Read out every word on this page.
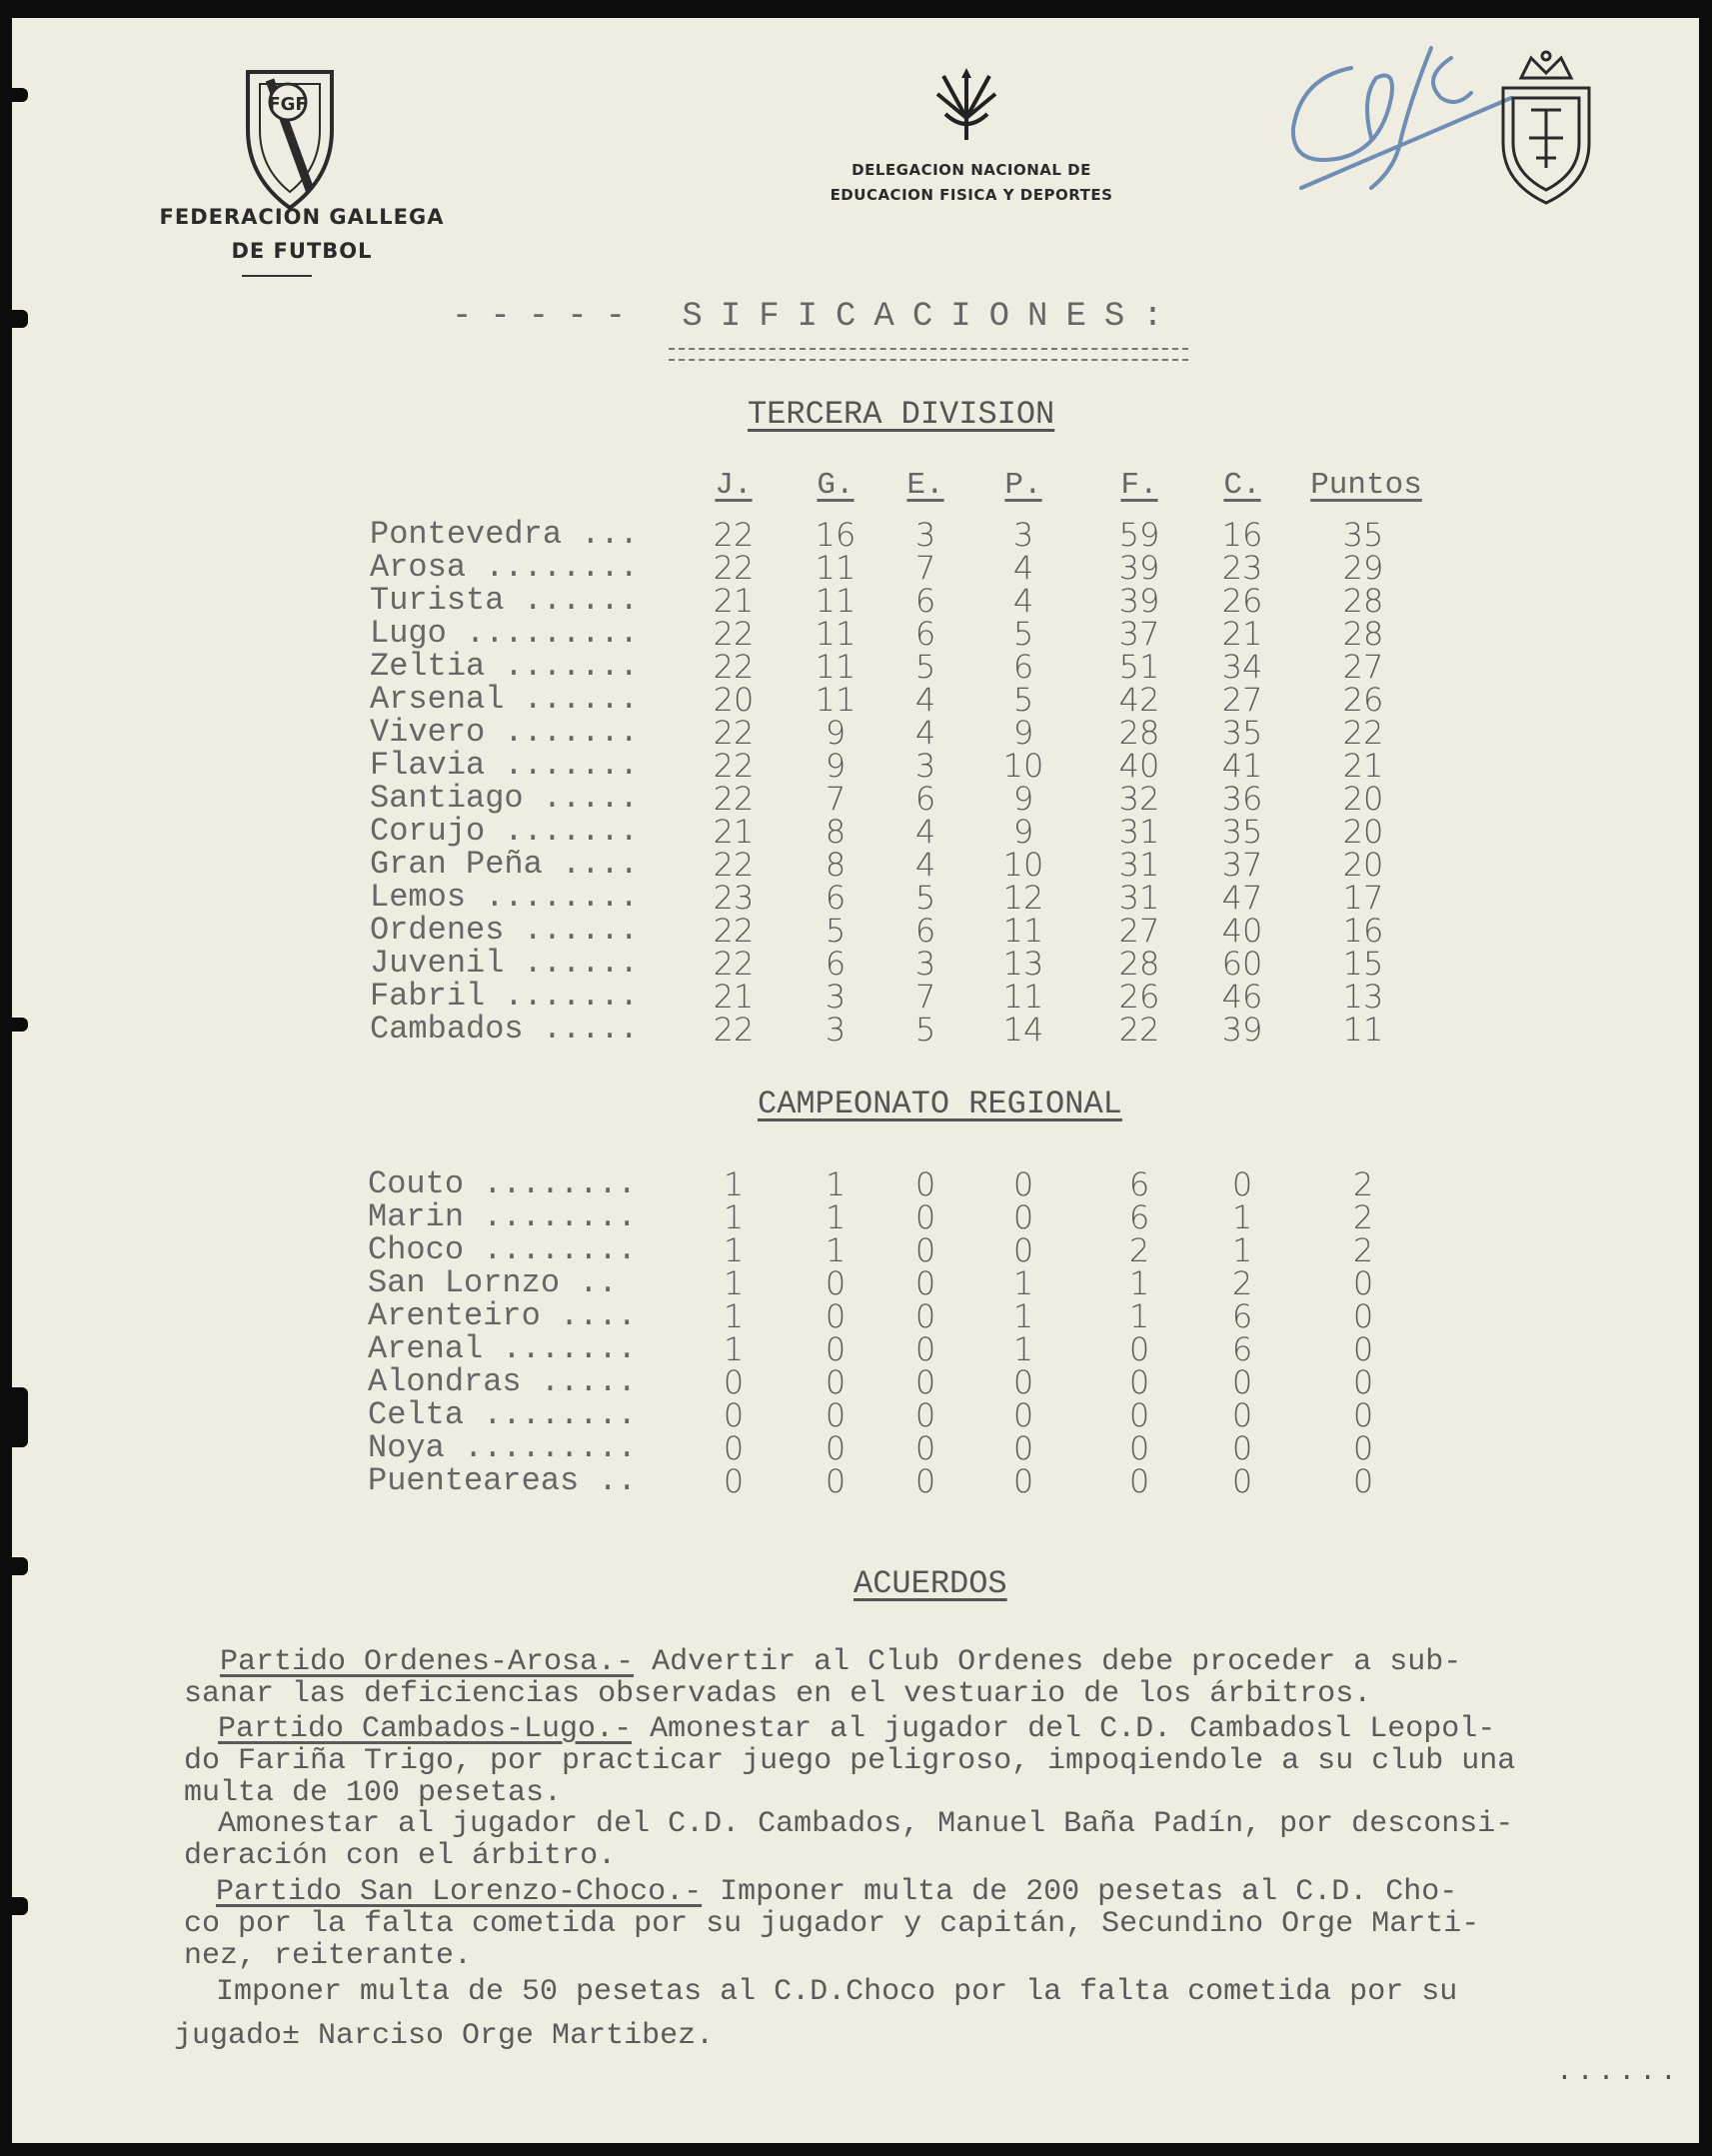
FGF
FEDERACION GALLEGA
DE FUTBOL
DELEGACION NACIONAL DE
EDUCACION FISICA Y DEPORTES
----- SIFICACIONES:
TERCERA DIVISION
J.	G.	E.	P.	F.	C.	Puntos
Pontevedra ...	22	16	3	3	59	16	35
Arosa ........	22	11	7	4	39	23	29
Turista ......	21	11	6	4	39	26	28
Lugo .........	22	11	6	5	37	21	28
Zeltia .......	22	11	5	6	51	34	27
Arsenal ......	20	11	4	5	42	27	26
Vivero .......	22	9	4	9	28	35	22
Flavia .......	22	9	3	10	40	41	21
Santiago .....	22	7	6	9	32	36	20
Corujo .......	21	8	4	9	31	35	20
Gran Peña ....	22	8	4	10	31	37	20
Lemos ........	23	6	5	12	31	47	17
Ordenes ......	22	5	6	11	27	40	16
Juvenil ......	22	6	3	13	28	60	15
Fabril .......	21	3	7	11	26	46	13
Cambados .....	22	3	5	14	22	39	11
CAMPEONATO REGIONAL
Couto ........	1	1	0	0	6	0	2
Marin ........	1	1	0	0	6	1	2
Choco ........	1	1	0	0	2	1	2
San Lornzo ..	1	0	0	1	1	2	0
Arenteiro ....	1	0	0	1	1	6	0
Arenal .......	1	0	0	1	0	6	0
Alondras .....	0	0	0	0	0	0	0
Celta ........	0	0	0	0	0	0	0
Noya .........	0	0	0	0	0	0	0
Puenteareas ..	0	0	0	0	0	0	0
ACUERDOS
Partido Ordenes-Arosa.- Advertir al Club Ordenes debe proceder a sub-
sanar las deficiencias observadas en el vestuario de los árbitros.
Partido Cambados-Lugo.- Amonestar al jugador del C.D. Cambadosl Leopol-
do Fariña Trigo, por practicar juego peligroso, impoqiendole a su club una
multa de 100 pesetas.
Amonestar al jugador del C.D. Cambados, Manuel Baña Padín, por desconsi-
deración con el árbitro.
Partido San Lorenzo-Choco.- Imponer multa de 200 pesetas al C.D. Cho-
co por la falta cometida por su jugador y capitán, Secundino Orge Marti-
nez, reiterante.
Imponer multa de 50 pesetas al C.D.Choco por la falta cometida por su
jugado± Narciso Orge Martibez.
......
